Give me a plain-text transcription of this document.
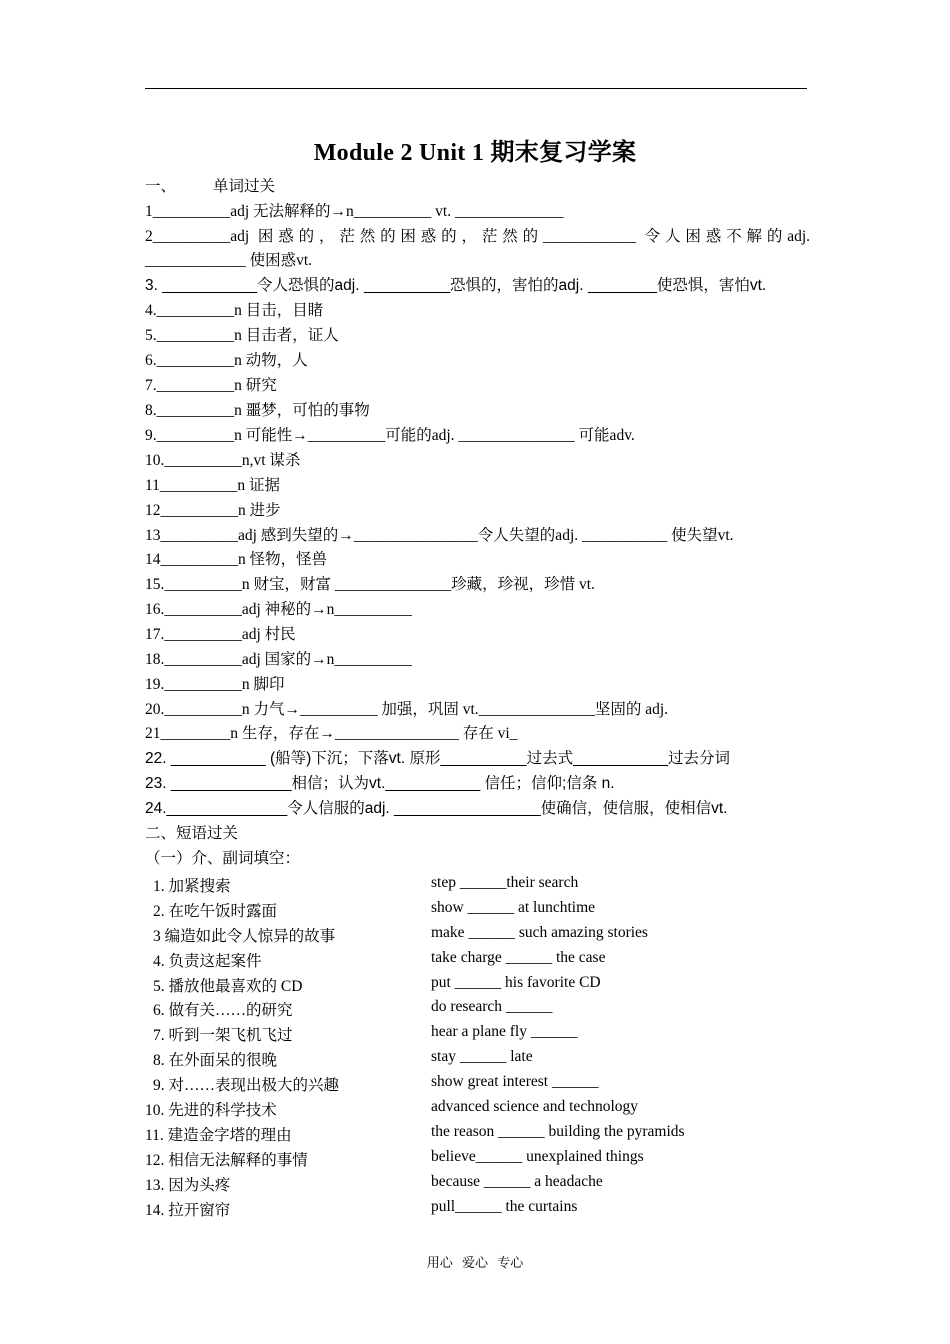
Module 2 Unit 1 期末复习学案
一、 单词过关
1__________adj 无法解释的→n__________ vt. ______________
2__________adj 困惑的，茫然的困惑的，茫然的____________ 令人困惑不解的adj.
_____________ 使困惑vt.
3. ___________令人恐惧的adj. __________恐惧的，害怕的adj. ________使恐惧，害怕vt.
4.__________n 目击，目睹
5.__________n 目击者，证人
6.__________n 动物，人
7.__________n 研究
8.__________n 噩梦，可怕的事物
9.__________n 可能性→__________可能的adj. _______________ 可能adv.
10.__________n,vt 谋杀
11__________n 证据
12__________n 进步
13__________adj 感到失望的→________________令人失望的adj. ___________ 使失望vt.
14__________n 怪物，怪兽
15.__________n 财宝，财富 _______________珍藏，珍视，珍惜 vt.
16.__________adj 神秘的→n__________
17.__________adj 村民
18.__________adj 国家的→n__________
19.__________n 脚印
20.__________n 力气→__________ 加强，巩固 vt._______________坚固的 adj.
21_________n 生存，存在→________________ 存在 vi_
22. ___________ (船等)下沉；下落vt. 原形__________过去式___________过去分词
23. ______________相信；认为vt.___________ 信任；信仰;信条 n.
24.______________令人信服的adj. _________________使确信，使信服，使相信vt.
二、短语过关
（一）介、副词填空：
1. 加紧搜索	step ______their search
2. 在吃午饭时露面	show ______ at lunchtime
3 编造如此令人惊异的故事	make ______ such amazing stories
4. 负责这起案件	take charge ______ the case
5. 播放他最喜欢的 CD	put ______ his favorite CD
6. 做有关……的研究	do research ______
7. 听到一架飞机飞过	hear a plane fly ______
8. 在外面呆的很晚	stay ______ late
9. 对……表现出极大的兴趣	show great interest ______
10. 先进的科学技术	advanced science and technology
11. 建造金字塔的理由	the reason ______ building the pyramids
12. 相信无法解释的事情	believe______ unexplained things
13. 因为头疼	because ______ a headache
14. 拉开窗帘	pull______ the curtains
用心 爱心 专心
